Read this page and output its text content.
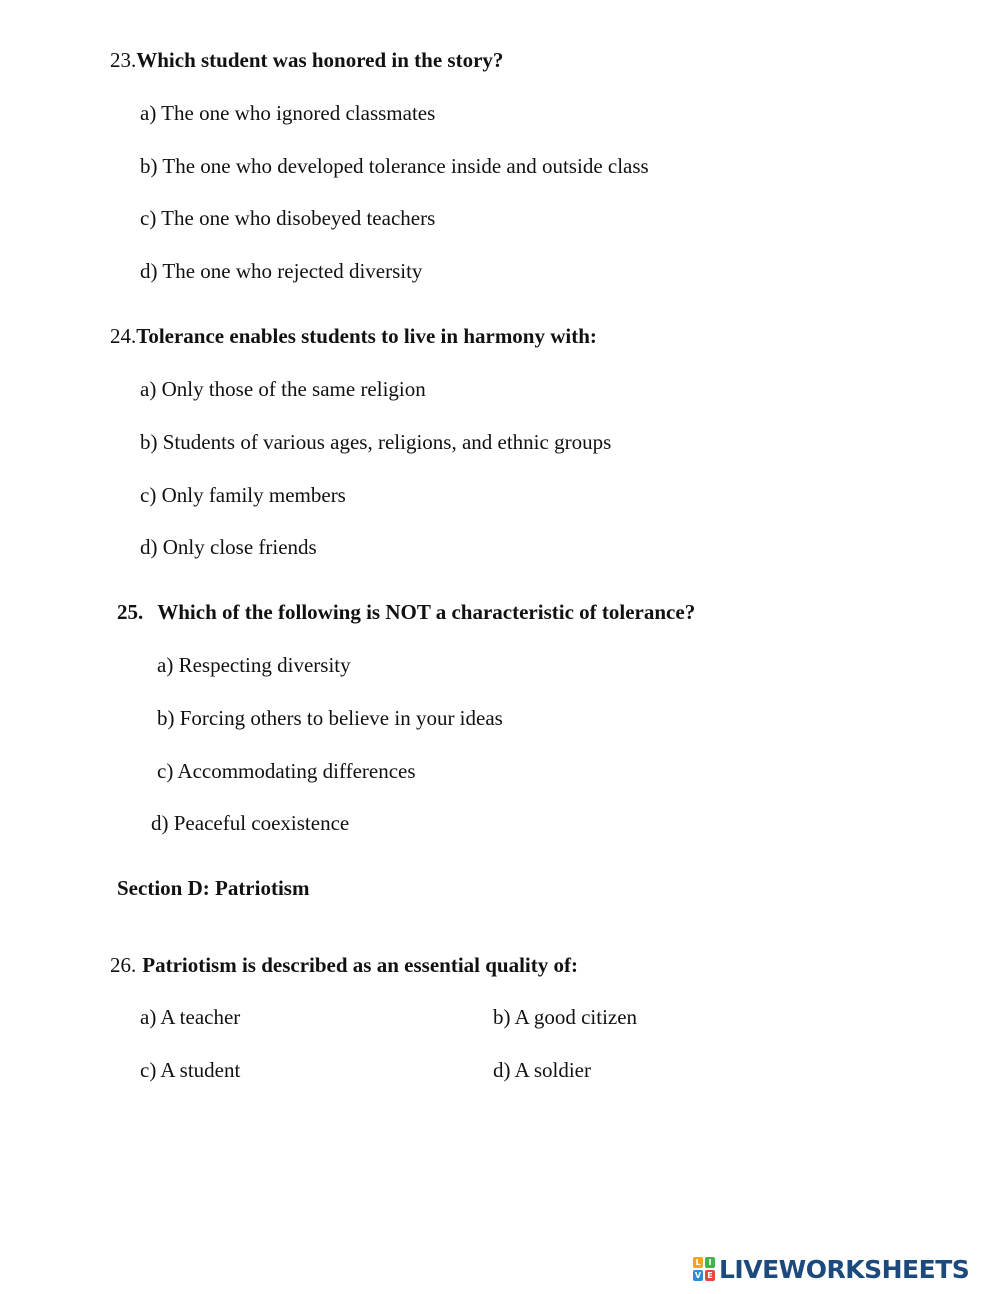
23.Which student was honored in the story?
a) The one who ignored classmates
b) The one who developed tolerance inside and outside class
c) The one who disobeyed teachers
d) The one who rejected diversity
24.Tolerance enables students to live in harmony with:
a) Only those of the same religion
b) Students of various ages, religions, and ethnic groups
c) Only family members
d) Only close friends
25. Which of the following is NOT a characteristic of tolerance?
a) Respecting diversity
b) Forcing others to believe in your ideas
c) Accommodating differences
d) Peaceful coexistence
Section D: Patriotism
26. Patriotism is described as an essential quality of:
a) A teacher	b) A good citizen
c) A student	d) A soldier
L I
V E LIVEWORKSHEETS
